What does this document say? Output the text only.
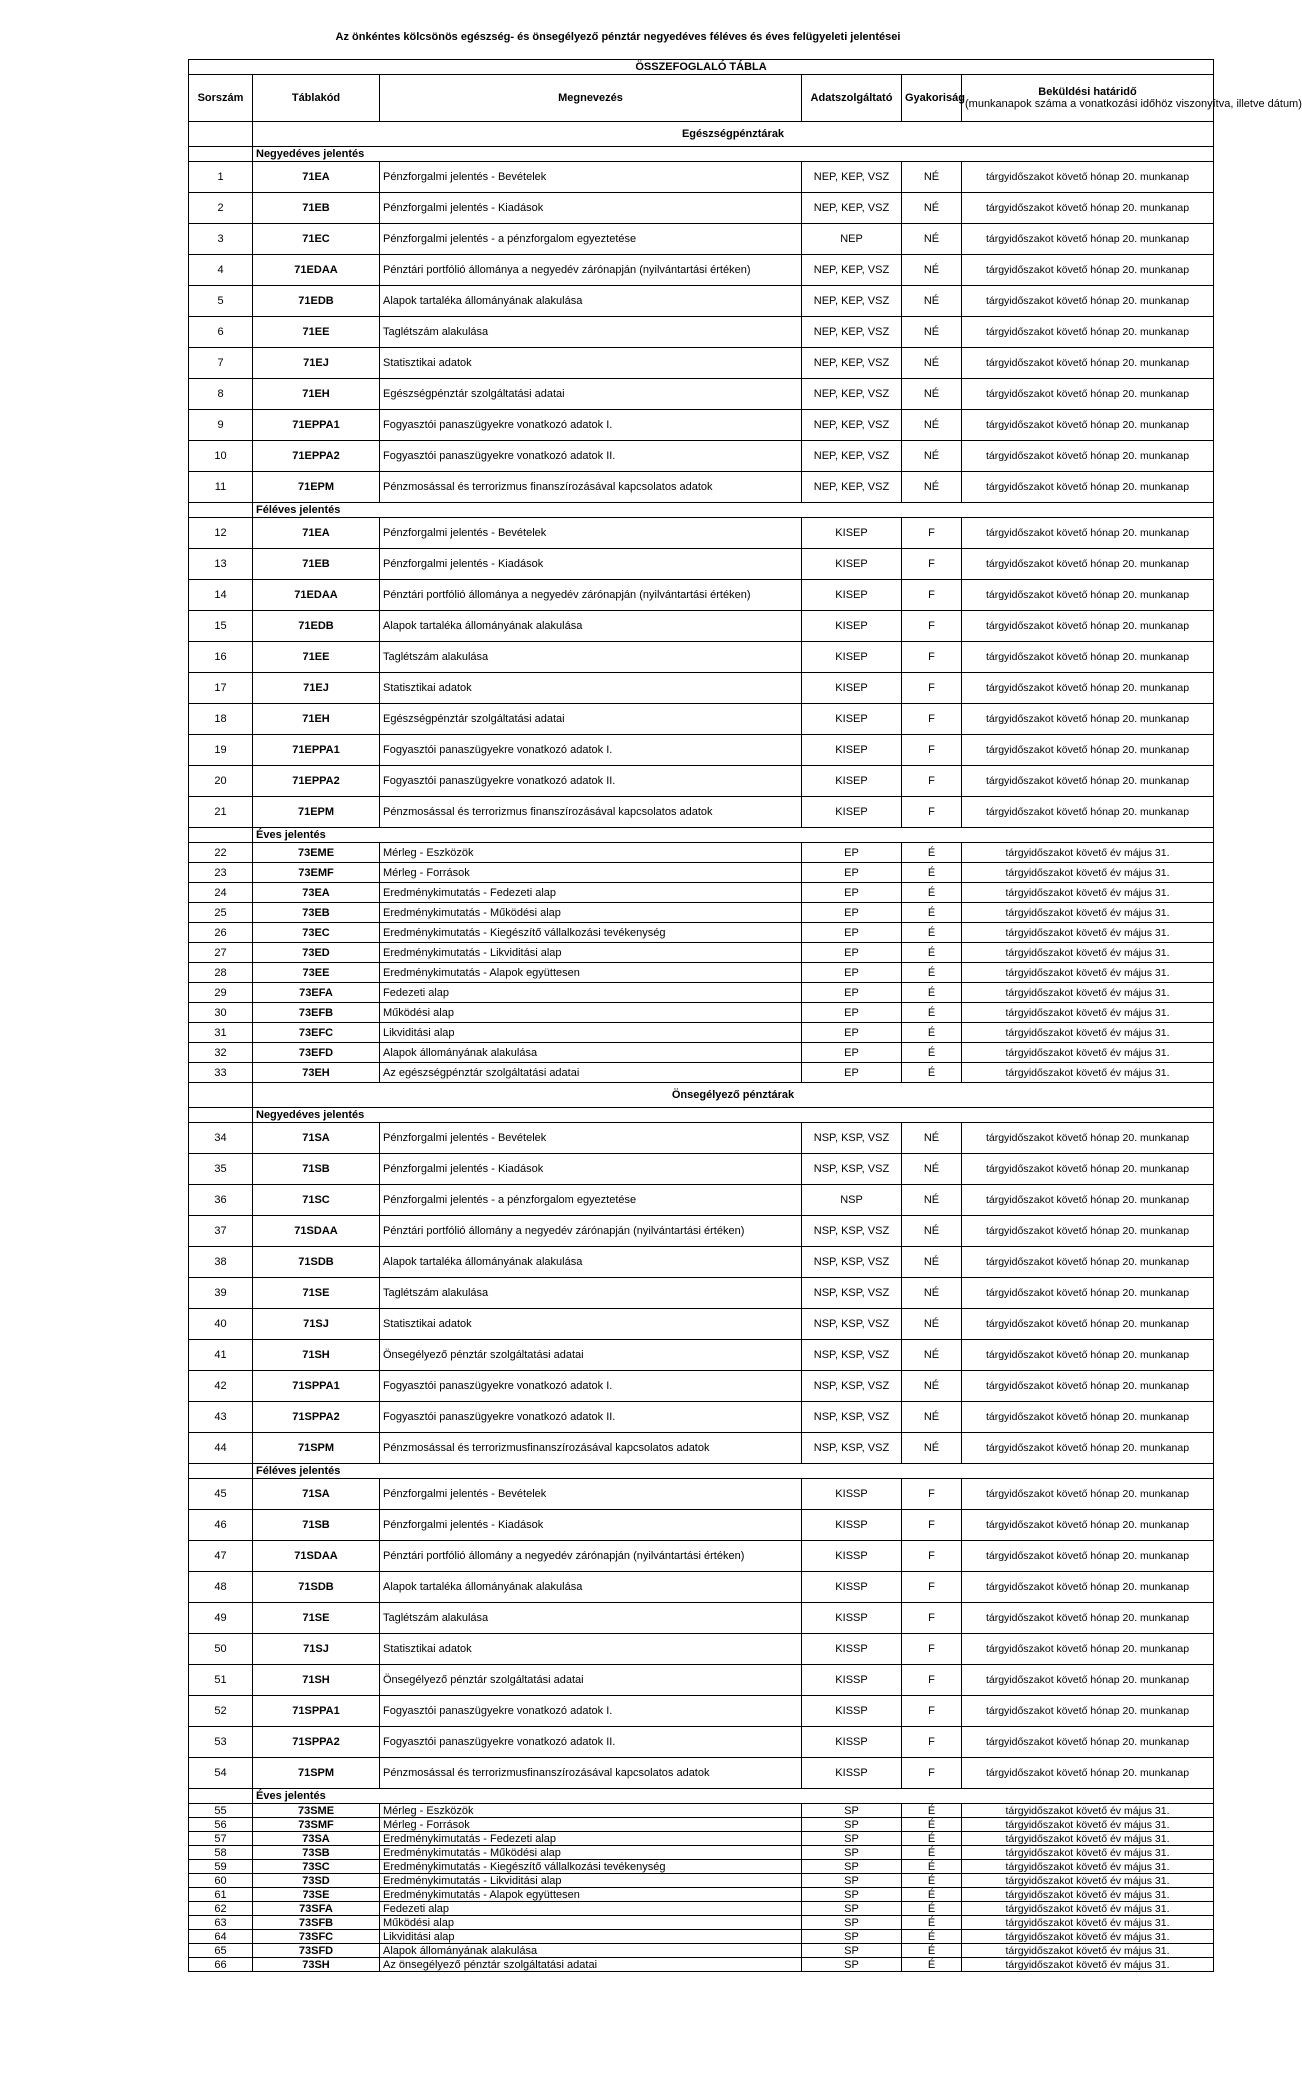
Az önkéntes kölcsönös egészség- és önsegélyező pénztár negyedéves féléves és éves felügyeleti jelentései
ÖSSZEFOGLALÓ TÁBLA					
Sorszám	Táblakód	Megnevezés	Adatszolgáltató	Gyakoriság	Beküldési határidő
(munkanapok száma a vonatkozási időhöz viszonyítva, illetve dátum)
	Egészségpénztárak				
	Negyedéves jelentés				
1	71EA	Pénzforgalmi jelentés - Bevételek	NEP, KEP, VSZ	NÉ	tárgyidőszakot követő hónap 20. munkanap
2	71EB	Pénzforgalmi jelentés - Kiadások	NEP, KEP, VSZ	NÉ	tárgyidőszakot követő hónap 20. munkanap
3	71EC	Pénzforgalmi jelentés - a pénzforgalom egyeztetése	NEP	NÉ	tárgyidőszakot követő hónap 20. munkanap
4	71EDAA	Pénztári portfólió állománya a negyedév zárónapján (nyilvántartási értéken)	NEP, KEP, VSZ	NÉ	tárgyidőszakot követő hónap 20. munkanap
5	71EDB	Alapok tartaléka állományának alakulása	NEP, KEP, VSZ	NÉ	tárgyidőszakot követő hónap 20. munkanap
6	71EE	Taglétszám alakulása	NEP, KEP, VSZ	NÉ	tárgyidőszakot követő hónap 20. munkanap
7	71EJ	Statisztikai adatok	NEP, KEP, VSZ	NÉ	tárgyidőszakot követő hónap 20. munkanap
8	71EH	Egészségpénztár szolgáltatási adatai	NEP, KEP, VSZ	NÉ	tárgyidőszakot követő hónap 20. munkanap
9	71EPPA1	Fogyasztói panaszügyekre vonatkozó adatok I.	NEP, KEP, VSZ	NÉ	tárgyidőszakot követő hónap 20. munkanap
10	71EPPA2	Fogyasztói panaszügyekre vonatkozó adatok II.	NEP, KEP, VSZ	NÉ	tárgyidőszakot követő hónap 20. munkanap
11	71EPM	Pénzmosással és terrorizmus finanszírozásával kapcsolatos adatok	NEP, KEP, VSZ	NÉ	tárgyidőszakot követő hónap 20. munkanap
	Féléves jelentés				
12	71EA	Pénzforgalmi jelentés - Bevételek	KISEP	F	tárgyidőszakot követő hónap 20. munkanap
13	71EB	Pénzforgalmi jelentés - Kiadások	KISEP	F	tárgyidőszakot követő hónap 20. munkanap
14	71EDAA	Pénztári portfólió állománya a negyedév zárónapján (nyilvántartási értéken)	KISEP	F	tárgyidőszakot követő hónap 20. munkanap
15	71EDB	Alapok tartaléka állományának alakulása	KISEP	F	tárgyidőszakot követő hónap 20. munkanap
16	71EE	Taglétszám alakulása	KISEP	F	tárgyidőszakot követő hónap 20. munkanap
17	71EJ	Statisztikai adatok	KISEP	F	tárgyidőszakot követő hónap 20. munkanap
18	71EH	Egészségpénztár szolgáltatási adatai	KISEP	F	tárgyidőszakot követő hónap 20. munkanap
19	71EPPA1	Fogyasztói panaszügyekre vonatkozó adatok I.	KISEP	F	tárgyidőszakot követő hónap 20. munkanap
20	71EPPA2	Fogyasztói panaszügyekre vonatkozó adatok II.	KISEP	F	tárgyidőszakot követő hónap 20. munkanap
21	71EPM	Pénzmosással és terrorizmus finanszírozásával kapcsolatos adatok	KISEP	F	tárgyidőszakot követő hónap 20. munkanap
	Éves jelentés				
22	73EME	Mérleg - Eszközök	EP	É	tárgyidőszakot követő év május 31.
23	73EMF	Mérleg - Források	EP	É	tárgyidőszakot követő év május 31.
24	73EA	Eredménykimutatás - Fedezeti alap	EP	É	tárgyidőszakot követő év május 31.
25	73EB	Eredménykimutatás - Működési alap	EP	É	tárgyidőszakot követő év május 31.
26	73EC	Eredménykimutatás - Kiegészítő vállalkozási tevékenység	EP	É	tárgyidőszakot követő év május 31.
27	73ED	Eredménykimutatás - Likviditási alap	EP	É	tárgyidőszakot követő év május 31.
28	73EE	Eredménykimutatás - Alapok együttesen	EP	É	tárgyidőszakot követő év május 31.
29	73EFA	Fedezeti alap	EP	É	tárgyidőszakot követő év május 31.
30	73EFB	Működési alap	EP	É	tárgyidőszakot követő év május 31.
31	73EFC	Likviditási alap	EP	É	tárgyidőszakot követő év május 31.
32	73EFD	Alapok állományának alakulása	EP	É	tárgyidőszakot követő év május 31.
33	73EH	Az egészségpénztár szolgáltatási adatai	EP	É	tárgyidőszakot követő év május 31.
	Önsegélyező pénztárak				
	Negyedéves jelentés				
34	71SA	Pénzforgalmi jelentés - Bevételek	NSP, KSP, VSZ	NÉ	tárgyidőszakot követő hónap 20. munkanap
35	71SB	Pénzforgalmi jelentés - Kiadások	NSP, KSP, VSZ	NÉ	tárgyidőszakot követő hónap 20. munkanap
36	71SC	Pénzforgalmi jelentés - a pénzforgalom egyeztetése	NSP	NÉ	tárgyidőszakot követő hónap 20. munkanap
37	71SDAA	Pénztári portfólió állomány a negyedév zárónapján (nyilvántartási értéken)	NSP, KSP, VSZ	NÉ	tárgyidőszakot követő hónap 20. munkanap
38	71SDB	Alapok tartaléka állományának alakulása	NSP, KSP, VSZ	NÉ	tárgyidőszakot követő hónap 20. munkanap
39	71SE	Taglétszám alakulása	NSP, KSP, VSZ	NÉ	tárgyidőszakot követő hónap 20. munkanap
40	71SJ	Statisztikai adatok	NSP, KSP, VSZ	NÉ	tárgyidőszakot követő hónap 20. munkanap
41	71SH	Önsegélyező pénztár szolgáltatási adatai	NSP, KSP, VSZ	NÉ	tárgyidőszakot követő hónap 20. munkanap
42	71SPPA1	Fogyasztói panaszügyekre vonatkozó adatok I.	NSP, KSP, VSZ	NÉ	tárgyidőszakot követő hónap 20. munkanap
43	71SPPA2	Fogyasztói panaszügyekre vonatkozó adatok II.	NSP, KSP, VSZ	NÉ	tárgyidőszakot követő hónap 20. munkanap
44	71SPM	Pénzmosással és terrorizmusfinanszírozásával kapcsolatos adatok	NSP, KSP, VSZ	NÉ	tárgyidőszakot követő hónap 20. munkanap
	Féléves jelentés				
45	71SA	Pénzforgalmi jelentés - Bevételek	KISSP	F	tárgyidőszakot követő hónap 20. munkanap
46	71SB	Pénzforgalmi jelentés - Kiadások	KISSP	F	tárgyidőszakot követő hónap 20. munkanap
47	71SDAA	Pénztári portfólió állomány a negyedév zárónapján (nyilvántartási értéken)	KISSP	F	tárgyidőszakot követő hónap 20. munkanap
48	71SDB	Alapok tartaléka állományának alakulása	KISSP	F	tárgyidőszakot követő hónap 20. munkanap
49	71SE	Taglétszám alakulása	KISSP	F	tárgyidőszakot követő hónap 20. munkanap
50	71SJ	Statisztikai adatok	KISSP	F	tárgyidőszakot követő hónap 20. munkanap
51	71SH	Önsegélyező pénztár szolgáltatási adatai	KISSP	F	tárgyidőszakot követő hónap 20. munkanap
52	71SPPA1	Fogyasztói panaszügyekre vonatkozó adatok I.	KISSP	F	tárgyidőszakot követő hónap 20. munkanap
53	71SPPA2	Fogyasztói panaszügyekre vonatkozó adatok II.	KISSP	F	tárgyidőszakot követő hónap 20. munkanap
54	71SPM	Pénzmosással és terrorizmusfinanszírozásával kapcsolatos adatok	KISSP	F	tárgyidőszakot követő hónap 20. munkanap
	Éves jelentés				
55	73SME	Mérleg - Eszközök	SP	É	tárgyidőszakot követő év május 31.
56	73SMF	Mérleg - Források	SP	É	tárgyidőszakot követő év május 31.
57	73SA	Eredménykimutatás - Fedezeti alap	SP	É	tárgyidőszakot követő év május 31.
58	73SB	Eredménykimutatás - Működési alap	SP	É	tárgyidőszakot követő év május 31.
59	73SC	Eredménykimutatás - Kiegészítő vállalkozási tevékenység	SP	É	tárgyidőszakot követő év május 31.
60	73SD	Eredménykimutatás - Likviditási alap	SP	É	tárgyidőszakot követő év május 31.
61	73SE	Eredménykimutatás - Alapok együttesen	SP	É	tárgyidőszakot követő év május 31.
62	73SFA	Fedezeti alap	SP	É	tárgyidőszakot követő év május 31.
63	73SFB	Működési alap	SP	É	tárgyidőszakot követő év május 31.
64	73SFC	Likviditási alap	SP	É	tárgyidőszakot követő év május 31.
65	73SFD	Alapok állományának alakulása	SP	É	tárgyidőszakot követő év május 31.
66	73SH	Az önsegélyező pénztár szolgáltatási adatai	SP	É	tárgyidőszakot követő év május 31.
